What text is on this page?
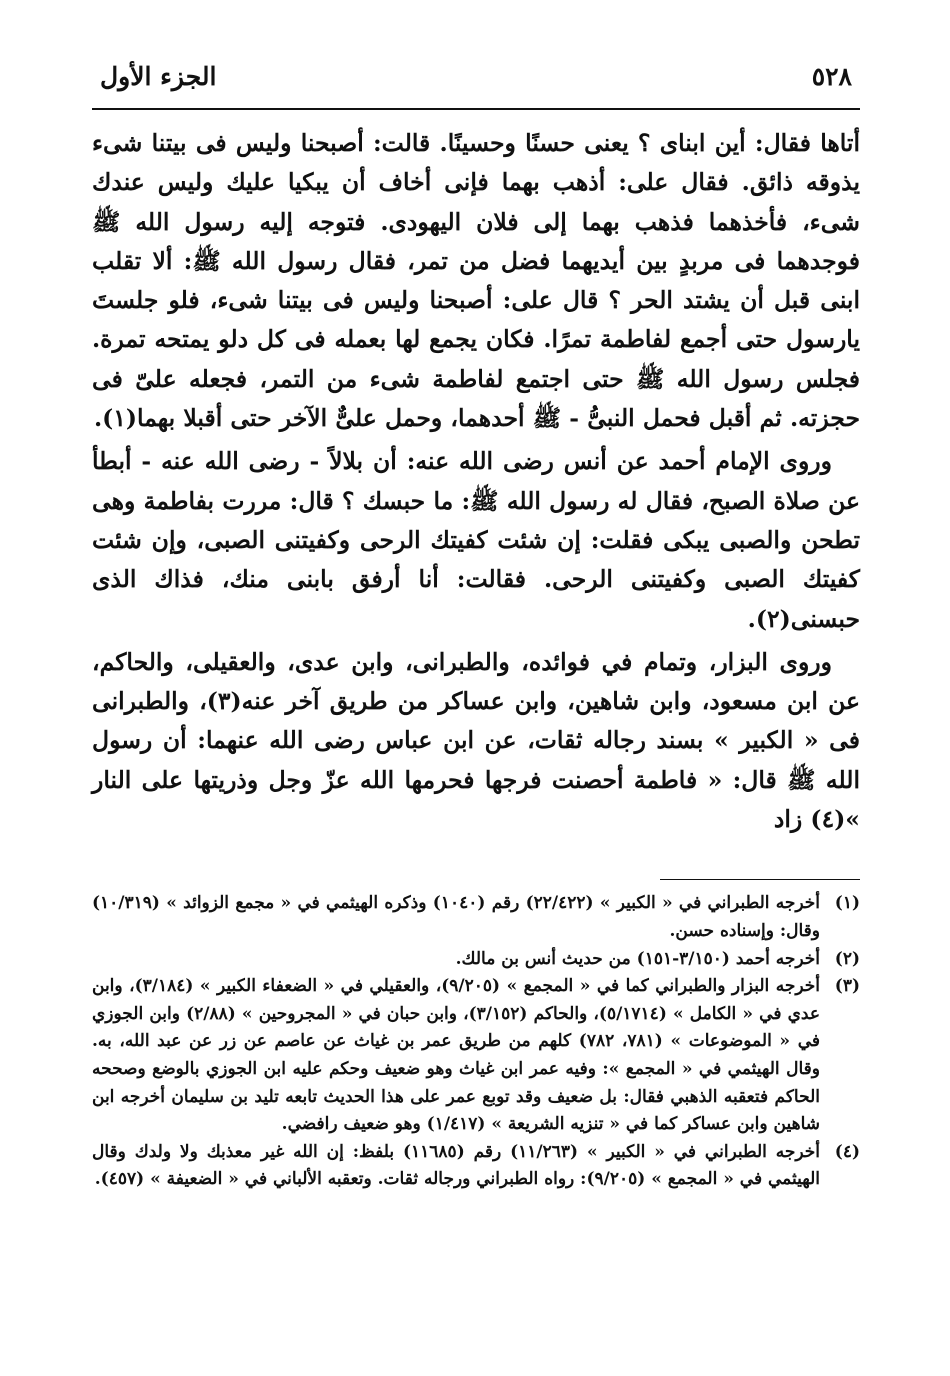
٥٢٨
الجزء الأول

أتاها فقال: أين ابناى ؟ يعنى حسنًا وحسينًا. قالت: أصبحنا وليس فى بيتنا شىء يذوقه ذائق. فقال على: أذهب بهما فإنى أخاف أن يبكيا عليك وليس عندك شىء، فأخذهما فذهب بهما إلى فلان اليهودى. فتوجه إليه رسول الله ﷺ فوجدهما فى مربدٍ بين أيديهما فضل من تمر، فقال رسول الله ﷺ: ألا تقلب ابنى قبل أن يشتد الحر ؟ قال على: أصبحنا وليس فى بيتنا شىء، فلو جلستَ يارسول حتى أجمع لفاطمة تمرًا. فكان يجمع لها بعمله فى كل دلو يمتحه تمرة. فجلس رسول الله ﷺ حتى اجتمع لفاطمة شىء من التمر، فجعله علىّ فى حجزته. ثم أقبل فحمل النبىُّ - ﷺ أحدهما، وحمل علىٌّ الآخر حتى أقبلا بهما(١).

وروى الإمام أحمد عن أنس رضى الله عنه: أن بلالاً - رضى الله عنه - أبطأ عن صلاة الصبح، فقال له رسول الله ﷺ: ما حبسك ؟ قال: مررت بفاطمة وهى تطحن والصبى يبكى فقلت: إن شئت كفيتك الرحى وكفيتنى الصبى، وإن شئت كفيتك الصبى وكفيتنى الرحى. فقالت: أنا أرفق بابنى منك، فذاك الذى حبسنى(٢).

وروى البزار، وتمام في فوائده، والطبرانى، وابن عدى، والعقيلى، والحاكم، عن ابن مسعود، وابن شاهين، وابن عساكر من طريق آخر عنه(٣)، والطبرانى فى « الكبير » بسند رجاله ثقات، عن ابن عباس رضى الله عنهما: أن رسول الله ﷺ قال: « فاطمة أحصنت فرجها فحرمها الله عزّ وجل وذريتها على النار »(٤) زاد

(١)
أخرجه الطبراني في « الكبير » (٢٢/٤٢٢) رقم (١٠٤٠) وذكره الهيثمي في « مجمع الزوائد » (١٠/٣١٩) وقال: وإسناده حسن.
(٢)
أخرجه أحمد (٣/١٥٠-١٥١) من حديث أنس بن مالك.
(٣)
أخرجه البزار والطبراني كما في « المجمع » (٩/٢٠٥)، والعقيلي في « الضعفاء الكبير » (٣/١٨٤)، وابن عدي في « الكامل » (٥/١٧١٤)، والحاكم (٣/١٥٢)، وابن حبان في « المجروحين » (٢/٨٨) وابن الجوزي في « الموضوعات » (٧٨١، ٧٨٢) كلهم من طريق عمر بن غياث عن عاصم عن زر عن عبد الله، به. وقال الهيثمي في « المجمع »: وفيه عمر ابن غياث وهو ضعيف وحكم عليه ابن الجوزي بالوضع وصححه الحاكم فتعقبه الذهبي فقال: بل ضعيف وقد توبع عمر على هذا الحديث تابعه تليد بن سليمان أخرجه ابن شاهين وابن عساكر كما في « تنزيه الشريعة » (١/٤١٧) وهو ضعيف رافضي.
(٤)
أخرجه الطبراني في « الكبير » (١١/٢٦٣) رقم (١١٦٨٥) بلفظ: إن الله غير معذبك ولا ولدك وقال الهيثمي في « المجمع » (٩/٢٠٥): رواه الطبراني ورجاله ثقات. وتعقبه الألباني في « الضعيفة » (٤٥٧).
